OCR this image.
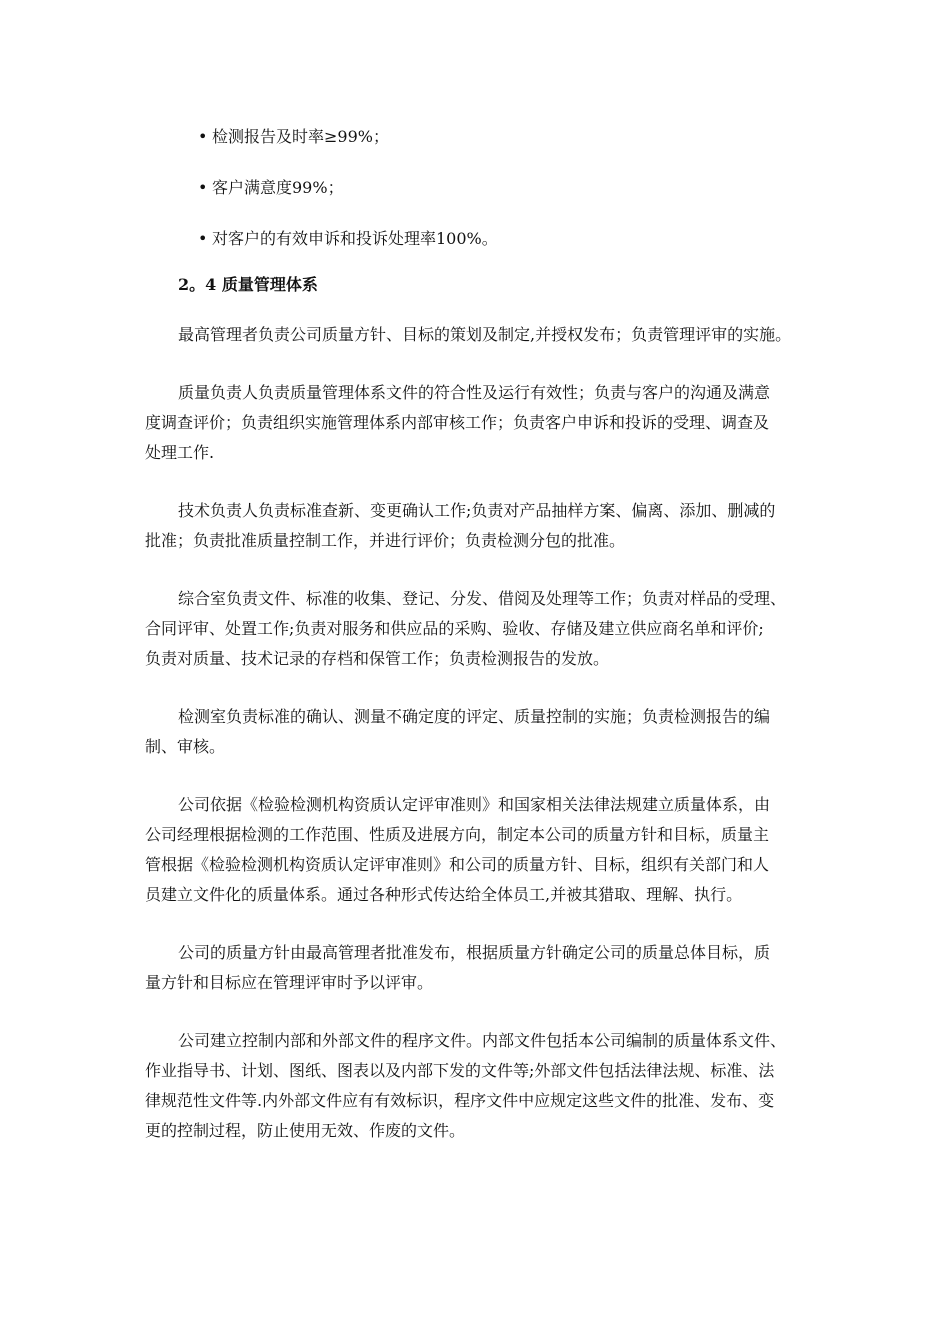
• 检测报告及时率≥99%；
• 客户满意度99%；
• 对客户的有效申诉和投诉处理率100%。
2。4 质量管理体系

最高管理者负责公司质量方针、目标的策划及制定,并授权发布；负责管理评审的实施。

质量负责人负责质量管理体系文件的符合性及运行有效性；负责与客户的沟通及满意
度调查评价；负责组织实施管理体系内部审核工作；负责客户申诉和投诉的受理、调查及
处理工作.

技术负责人负责标准查新、变更确认工作;负责对产品抽样方案、偏离、添加、删减的
批准；负责批准质量控制工作，并进行评价；负责检测分包的批准。

综合室负责文件、标准的收集、登记、分发、借阅及处理等工作；负责对样品的受理、
合同评审、处置工作;负责对服务和供应品的采购、验收、存储及建立供应商名单和评价;
负责对质量、技术记录的存档和保管工作；负责检测报告的发放。

检测室负责标准的确认、测量不确定度的评定、质量控制的实施；负责检测报告的编
制、审核。

公司依据《检验检测机构资质认定评审准则》和国家相关法律法规建立质量体系，由
公司经理根据检测的工作范围、性质及进展方向，制定本公司的质量方针和目标，质量主
管根据《检验检测机构资质认定评审准则》和公司的质量方针、目标，组织有关部门和人
员建立文件化的质量体系。通过各种形式传达给全体员工,并被其猎取、理解、执行。

公司的质量方针由最高管理者批准发布，根据质量方针确定公司的质量总体目标，质
量方针和目标应在管理评审时予以评审。

公司建立控制内部和外部文件的程序文件。内部文件包括本公司编制的质量体系文件、
作业指导书、计划、图纸、图表以及内部下发的文件等;外部文件包括法律法规、标准、法
律规范性文件等.内外部文件应有有效标识，程序文件中应规定这些文件的批准、发布、变
更的控制过程，防止使用无效、作废的文件。
